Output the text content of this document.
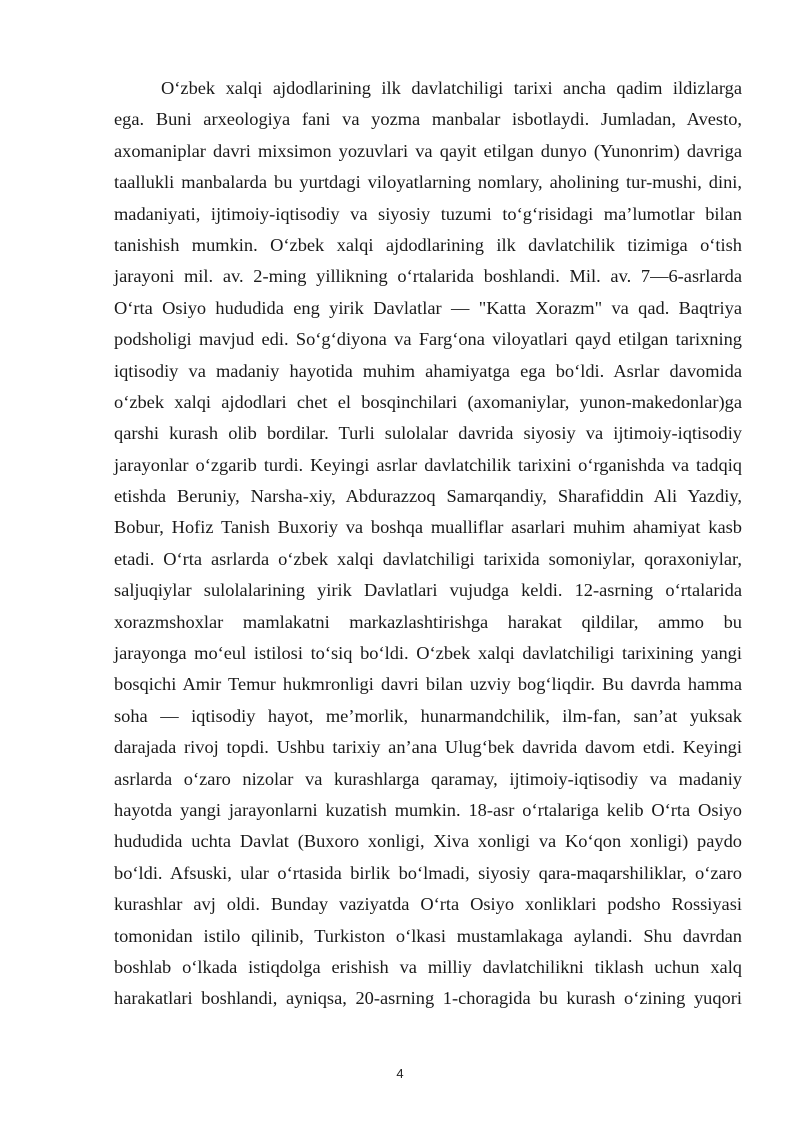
Oʻzbek xalqi ajdodlarining ilk davlatchiligi tarixi ancha qadim ildizlarga
ega. Buni arxeologiya fani va yozma manbalar isbotlaydi. Jumladan, Avesto,
axomaniplar davri mixsimon yozuvlari va qayit etilgan dunyo (Yunonrim) davriga
taallukli manbalarda bu yurtdagi viloyatlarning nomlary, aholining tur-mushi, dini,
madaniyati, ijtimoiy-iqtisodiy va siyosiy tuzumi toʻgʻrisidagi maʼlumotlar bilan
tanishish mumkin. Oʻzbek xalqi ajdodlarining ilk davlatchilik tizimiga oʻtish
jarayoni mil. av. 2-ming yillikning oʻrtalarida boshlandi. Mil. av. 7—6-asrlarda
Oʻrta Osiyo hududida eng yirik Davlatlar — "Katta Xorazm" va qad. Baqtriya
podsholigi mavjud edi. Soʻgʻdiyona va Fargʻona viloyatlari qayd etilgan tarixning
iqtisodiy va madaniy hayotida muhim ahamiyatga ega boʻldi. Asrlar davomida
oʻzbek xalqi ajdodlari chet el bosqinchilari (axomaniylar, yunon-makedonlar)ga
qarshi kurash olib bordilar. Turli sulolalar davrida siyosiy va ijtimoiy-iqtisodiy
jarayonlar oʻzgarib turdi. Keyingi asrlar davlatchilik tarixini oʻrganishda va tadqiq
etishda Beruniy, Narsha-xiy, Abdurazzoq Samarqandiy, Sharafiddin Ali Yazdiy,
Bobur, Hofiz Tanish Buxoriy va boshqa mualliflar asarlari muhim ahamiyat kasb
etadi. Oʻrta asrlarda oʻzbek xalqi davlatchiligi tarixida somoniylar, qoraxoniylar,
saljuqiylar sulolalarining yirik Davlatlari vujudga keldi. 12-asrning oʻrtalarida
xorazmshoxlar mamlakatni markazlashtirishga harakat qildilar, ammo bu
jarayonga moʻeul istilosi toʻsiq boʻldi. Oʻzbek xalqi davlatchiligi tarixining yangi
bosqichi Amir Temur hukmronligi davri bilan uzviy bogʻliqdir. Bu davrda hamma
soha — iqtisodiy hayot, meʼmorlik, hunarmandchilik, ilm-fan, sanʼat yuksak
darajada rivoj topdi. Ushbu tarixiy anʼana Ulugʻbek davrida davom etdi. Keyingi
asrlarda oʻzaro nizolar va kurashlarga qaramay, ijtimoiy-iqtisodiy va madaniy
hayotda yangi jarayonlarni kuzatish mumkin. 18-asr oʻrtalariga kelib Oʻrta Osiyo
hududida uchta Davlat (Buxoro xonligi, Xiva xonligi va Koʻqon xonligi) paydo
boʻldi. Afsuski, ular oʻrtasida birlik boʻlmadi, siyosiy qara-maqarshiliklar, oʻzaro
kurashlar avj oldi. Bunday vaziyatda Oʻrta Osiyo xonliklari podsho Rossiyasi
tomonidan istilo qilinib, Turkiston oʻlkasi mustamlakaga aylandi. Shu davrdan
boshlab oʻlkada istiqdolga erishish va milliy davlatchilikni tiklash uchun xalq
harakatlari boshlandi, ayniqsa, 20-asrning 1-choragida bu kurash oʻzining yuqori
4
